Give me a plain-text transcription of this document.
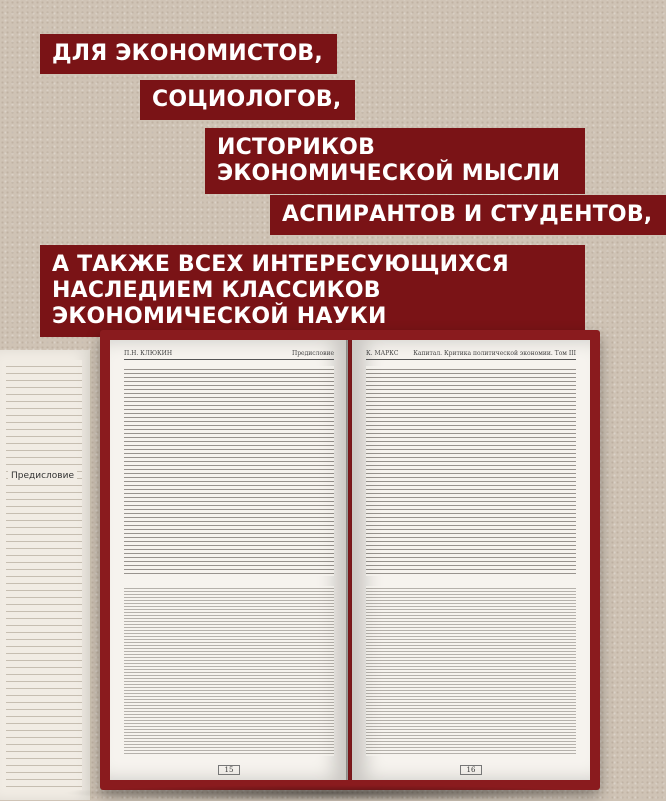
ДЛЯ ЭКОНОМИСТОВ,
СОЦИОЛОГОВ,
ИСТОРИКОВ ЭКОНОМИЧЕСКОЙ МЫСЛИ
АСПИРАНТОВ И СТУДЕНТОВ,
А ТАКЖЕ ВСЕХ ИНТЕРЕСУЮЩИХСЯ НАСЛЕДИЕМ КЛАССИКОВ ЭКОНОМИЧЕСКОЙ НАУКИ
Предисловие
П.Н. КЛЮКИН	Предисловие
15
К. МАРКС Капитал. Критика политической экономии. Том III
16
